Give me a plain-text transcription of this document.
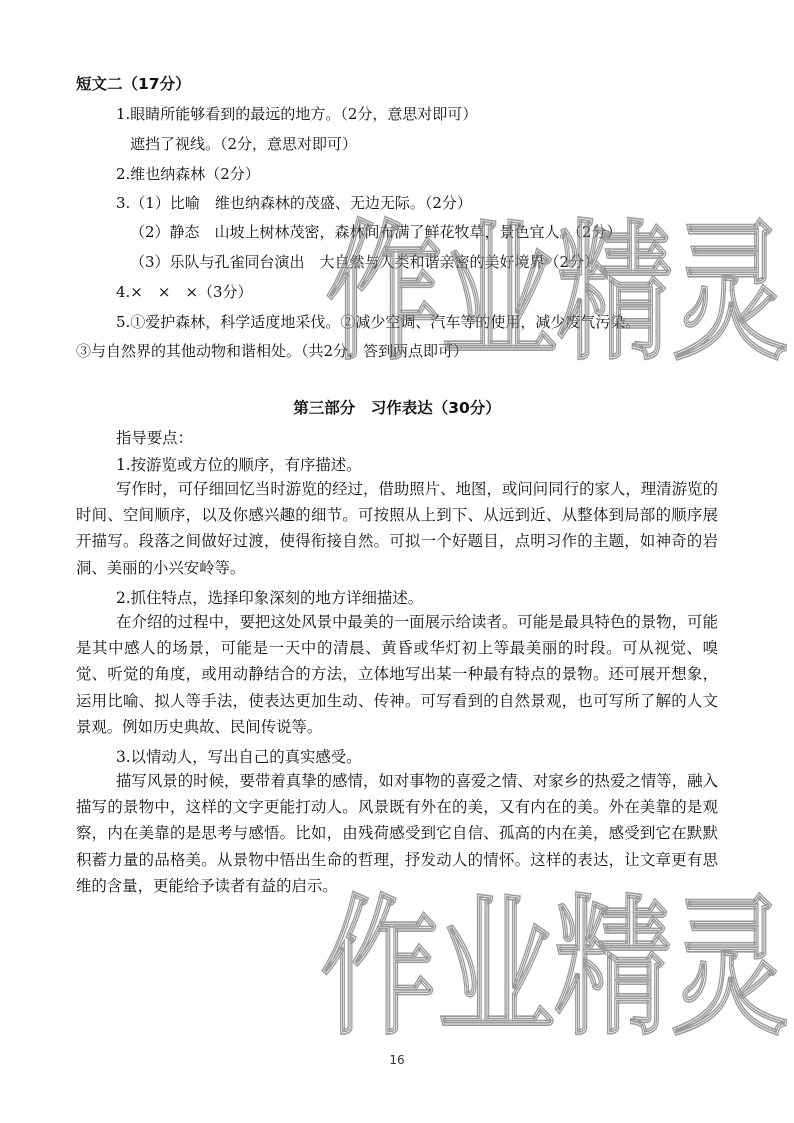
短文二（17分）
1.眼睛所能够看到的最远的地方。（2分，意思对即可）
遮挡了视线。（2分，意思对即可）
2.维也纳森林（2分）
3.（1）比喻　维也纳森林的茂盛、无边无际。（2分）
（2）静态　山坡上树林茂密，森林间布满了鲜花牧草，景色宜人。（2分）
（3）乐队与孔雀同台演出　大自然与人类和谐亲密的美好境界（2分）
4.×　×　×（3分）
5.①爱护森林，科学适度地采伐。②减少空调、汽车等的使用，减少废气污染。
③与自然界的其他动物和谐相处。（共2分，答到两点即可）
第三部分　习作表达（30分）
指导要点：
1.按游览或方位的顺序，有序描述。
写作时，可仔细回忆当时游览的经过，借助照片、地图，或问问同行的家人，理清游览的时间、空间顺序，以及你感兴趣的细节。可按照从上到下、从远到近、从整体到局部的顺序展开描写。段落之间做好过渡，使得衔接自然。可拟一个好题目，点明习作的主题，如神奇的岩洞、美丽的小兴安岭等。
2.抓住特点，选择印象深刻的地方详细描述。
在介绍的过程中，要把这处风景中最美的一面展示给读者。可能是最具特色的景物，可能是其中感人的场景，可能是一天中的清晨、黄昏或华灯初上等最美丽的时段。可从视觉、嗅觉、听觉的角度，或用动静结合的方法，立体地写出某一种最有特点的景物。还可展开想象，运用比喻、拟人等手法，使表达更加生动、传神。可写看到的自然景观，也可写所了解的人文景观。例如历史典故、民间传说等。
3.以情动人，写出自己的真实感受。
描写风景的时候，要带着真挚的感情，如对事物的喜爱之情、对家乡的热爱之情等，融入描写的景物中，这样的文字更能打动人。风景既有外在的美，又有内在的美。外在美靠的是观察，内在美靠的是思考与感悟。比如，由残荷感受到它自信、孤高的内在美，感受到它在默默积蓄力量的品格美。从景物中悟出生命的哲理，抒发动人的情怀。这样的表达，让文章更有思维的含量，更能给予读者有益的启示。
16
作业精灵
作业精灵
